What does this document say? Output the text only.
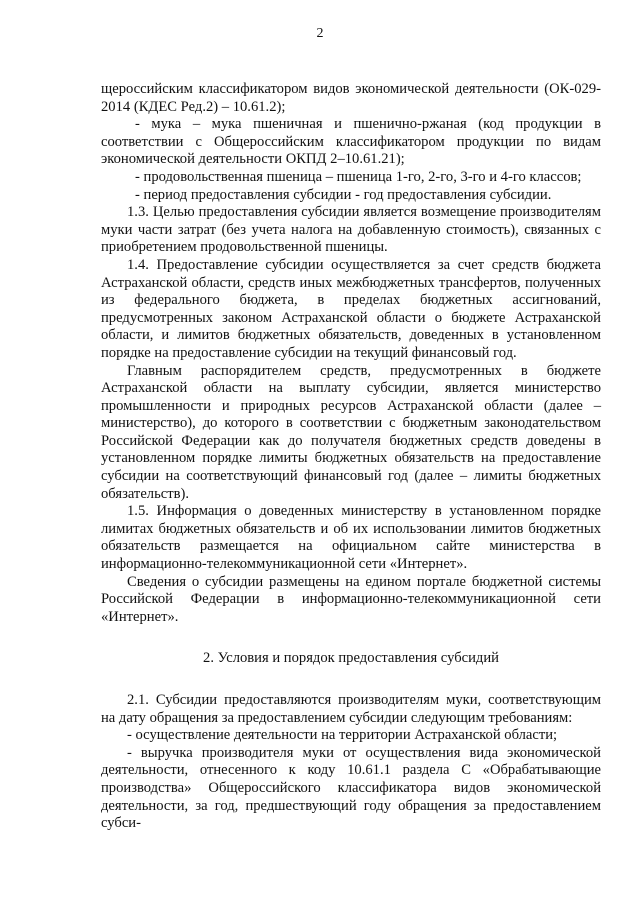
2

щероссийским классификатором видов экономической деятельности (ОК-029-2014 (КДЕС Ред.2) – 10.61.2);

- мука – мука пшеничная и пшенично-ржаная (код продукции в соответствии с Общероссийским классификатором продукции по видам экономической деятельности ОКПД 2–10.61.21);

- продовольственная пшеница – пшеница 1-го, 2-го, 3-го и 4-го классов;

- период предоставления субсидии - год предоставления субсидии.

1.3. Целью предоставления субсидии является возмещение производителям муки части затрат (без учета налога на добавленную стоимость), связанных с приобретением продовольственной пшеницы.

1.4. Предоставление субсидии осуществляется за счет средств бюджета Астраханской области, средств иных межбюджетных трансфертов, полученных из федерального бюджета, в пределах бюджетных ассигнований, предусмотренных законом Астраханской области о бюджете Астраханской области, и лимитов бюджетных обязательств, доведенных в установленном порядке на предоставление субсидии на текущий финансовый год.

Главным распорядителем средств, предусмотренных в бюджете Астраханской области на выплату субсидии, является министерство промышленности и природных ресурсов Астраханской области (далее – министерство), до которого в соответствии с бюджетным законодательством Российской Федерации как до получателя бюджетных средств доведены в установленном порядке лимиты бюджетных обязательств на предоставление субсидии на соответствующий финансовый год (далее – лимиты бюджетных обязательств).

1.5. Информация о доведенных министерству в установленном порядке лимитах бюджетных обязательств и об их использовании лимитов бюджетных обязательств размещается на официальном сайте министерства в информационно-телекоммуникационной сети «Интернет».

Сведения о субсидии размещены на едином портале бюджетной системы Российской Федерации в информационно-телекоммуникационной сети «Интернет».

2. Условия и порядок предоставления субсидий

2.1. Субсидии предоставляются производителям муки, соответствующим на дату обращения за предоставлением субсидии следующим требованиям:

- осуществление деятельности на территории Астраханской области;

- выручка производителя муки от осуществления вида экономической деятельности, отнесенного к коду 10.61.1 раздела С «Обрабатывающие производства» Общероссийского классификатора видов экономической деятельности, за год, предшествующий году обращения за предоставлением субси-
